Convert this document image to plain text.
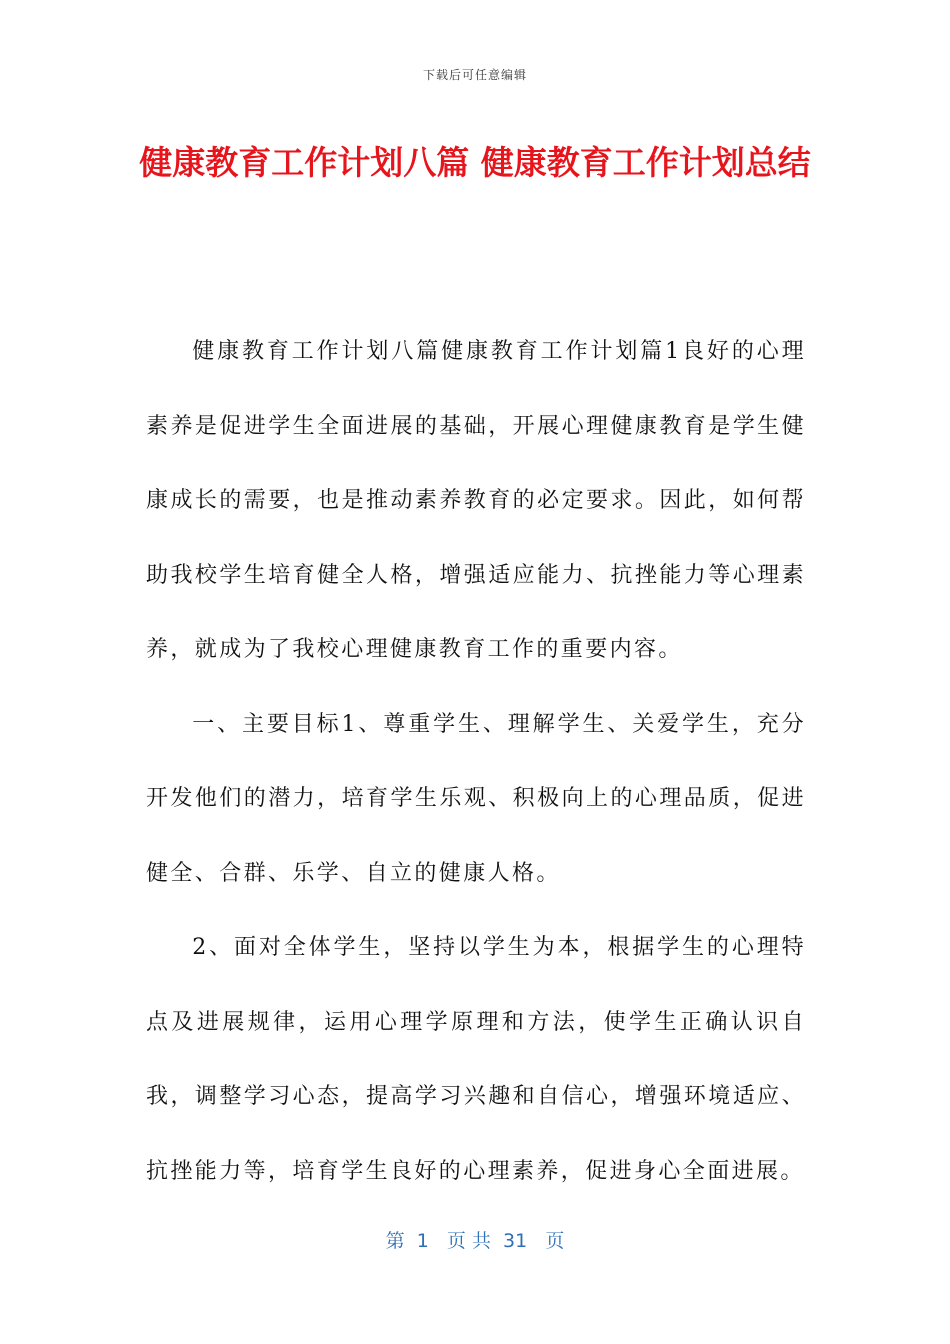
下载后可任意编辑
健康教育工作计划八篇 健康教育工作计划总结

健康教育工作计划八篇健康教育工作计划篇1良好的心理素养是促进学生全面进展的基础，开展心理健康教育是学生健康成长的需要，也是推动素养教育的必定要求。因此，如何帮助我校学生培育健全人格，增强适应能力、抗挫能力等心理素养，就成为了我校心理健康教育工作的重要内容。

一、主要目标1、尊重学生、理解学生、关爱学生，充分开发他们的潜力，培育学生乐观、积极向上的心理品质，促进健全、合群、乐学、自立的健康人格。

2、面对全体学生，坚持以学生为本，根据学生的心理特点及进展规律，运用心理学原理和方法，使学生正确认识自我，调整学习心态，提高学习兴趣和自信心，增强环境适应、抗挫能力等，培育学生良好的心理素养，促进身心全面进展。

第  1   页 共  31   页
